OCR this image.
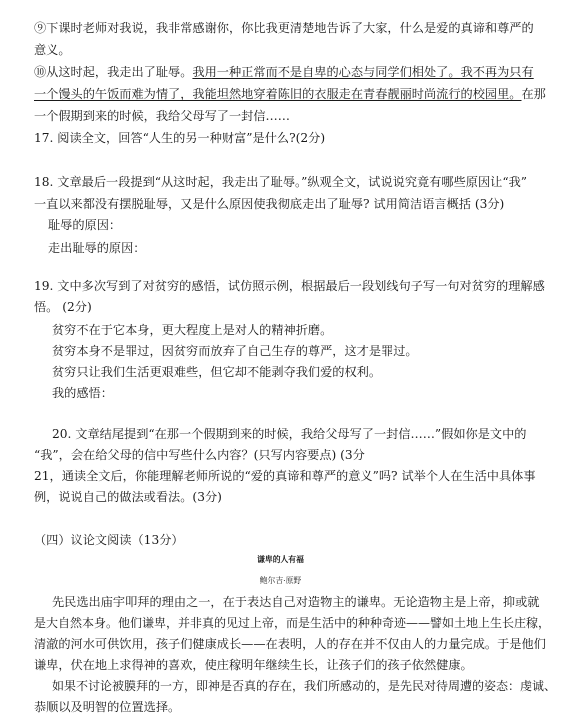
⑨下课时老师对我说，我非常感谢你，你比我更清楚地告诉了大家，什么是爱的真谛和尊严的
意义。
⑩从这时起，我走出了耻辱。我用一种正常而不是自卑的心态与同学们相处了。我不再为只有
一个馒头的午饭而难为情了，我能坦然地穿着陈旧的衣服走在青春靓丽时尚流行的校园里。在那
一个假期到来的时候，我给父母写了一封信……
17. 阅读全文，回答“人生的另一种财富”是什么?(2分)
18. 文章最后一段提到“从这时起，我走出了耻辱。”纵观全文，试说说究竟有哪些原因让“我”
一直以来都没有摆脱耻辱，又是什么原因使我彻底走出了耻辱? 试用简洁语言概括 (3分)
耻辱的原因：
走出耻辱的原因：
19. 文中多次写到了对贫穷的感悟，试仿照示例，根据最后一段划线句子写一句对贫穷的理解感
悟。 (2分)
贫穷不在于它本身，更大程度上是对人的精神折磨。
贫穷本身不是罪过，因贫穷而放弃了自己生存的尊严，这才是罪过。
贫穷只让我们生活更艰难些，但它却不能剥夺我们爱的权利。
我的感悟：
20. 文章结尾提到“在那一个假期到来的时候，我给父母写了一封信……”假如你是文中的
“我”，会在给父母的信中写些什么内容？(只写内容要点) (3分
21，通读全文后，你能理解老师所说的“爱的真谛和尊严的意义”吗? 试举个人在生活中具体事
例，说说自己的做法或看法。(3分)
（四）议论文阅读（13分）
谦卑的人有福
鲍尔吉·原野
先民选出庙宇叩拜的理由之一，在于表达自己对造物主的谦卑。无论造物主是上帝，抑或就
是大自然本身。他们谦卑，并非真的见过上帝，而是生活中的种种奇迹——譬如土地上生长庄稼，
清澈的河水可供饮用，孩子们健康成长——在表明，人的存在并不仅由人的力量完成。于是他们
谦卑，伏在地上求得神的喜欢，使庄稼明年继续生长，让孩子们的孩子依然健康。
如果不讨论被膜拜的一方，即神是否真的存在，我们所感动的，是先民对待周遭的姿态：虔诚、
恭顺以及明智的位置选择。
